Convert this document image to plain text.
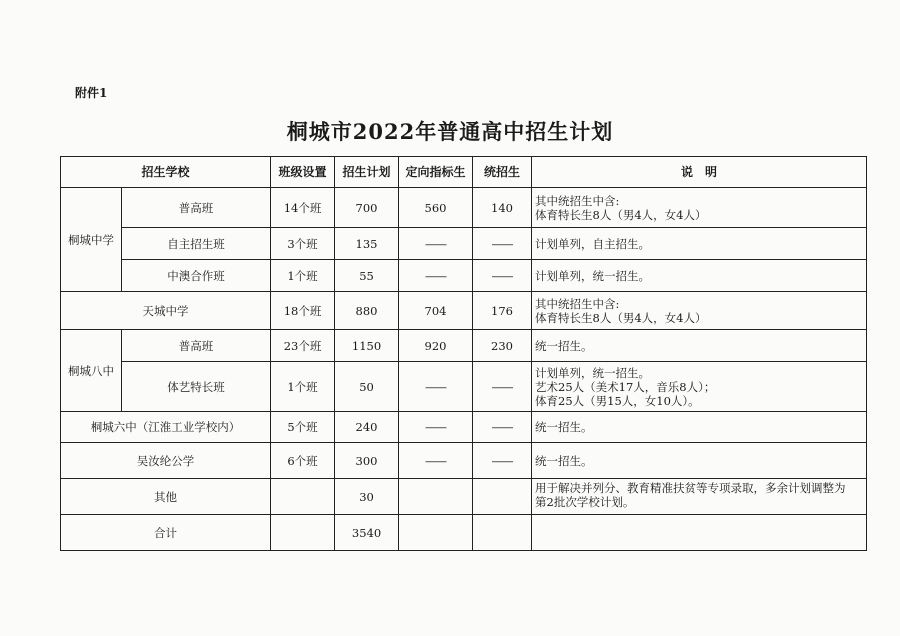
附件1
桐城市2022年普通高中招生计划
招生学校		班级设置	招生计划	定向指标生	统招生	说　明
桐城中学	普高班	14个班	700	560	140	其中统招生中含:
体育特长生8人（男4人，女4人）

	自主招生班	3个班	135	——	——	计划单列，自主招生。

	中澳合作班	1个班	55	——	——	计划单列，统一招生。

天城中学		18个班	880	704	176	其中统招生中含:
体育特长生8人（男4人，女4人）

桐城八中	普高班	23个班	1150	920	230	统一招生。

	体艺特长班	1个班	50	——	——	计划单列，统一招生。
艺术25人（美术17人，音乐8人）；
体育25人（男15人，女10人）。

桐城六中（江淮工业学校内）		5个班	240	——	——	统一招生。

吴汝纶公学		6个班	300	——	——	统一招生。

其他			30			用于解决并列分、教育精准扶贫等专项录取，多余计划调整为
第2批次学校计划。

合计			3540			
